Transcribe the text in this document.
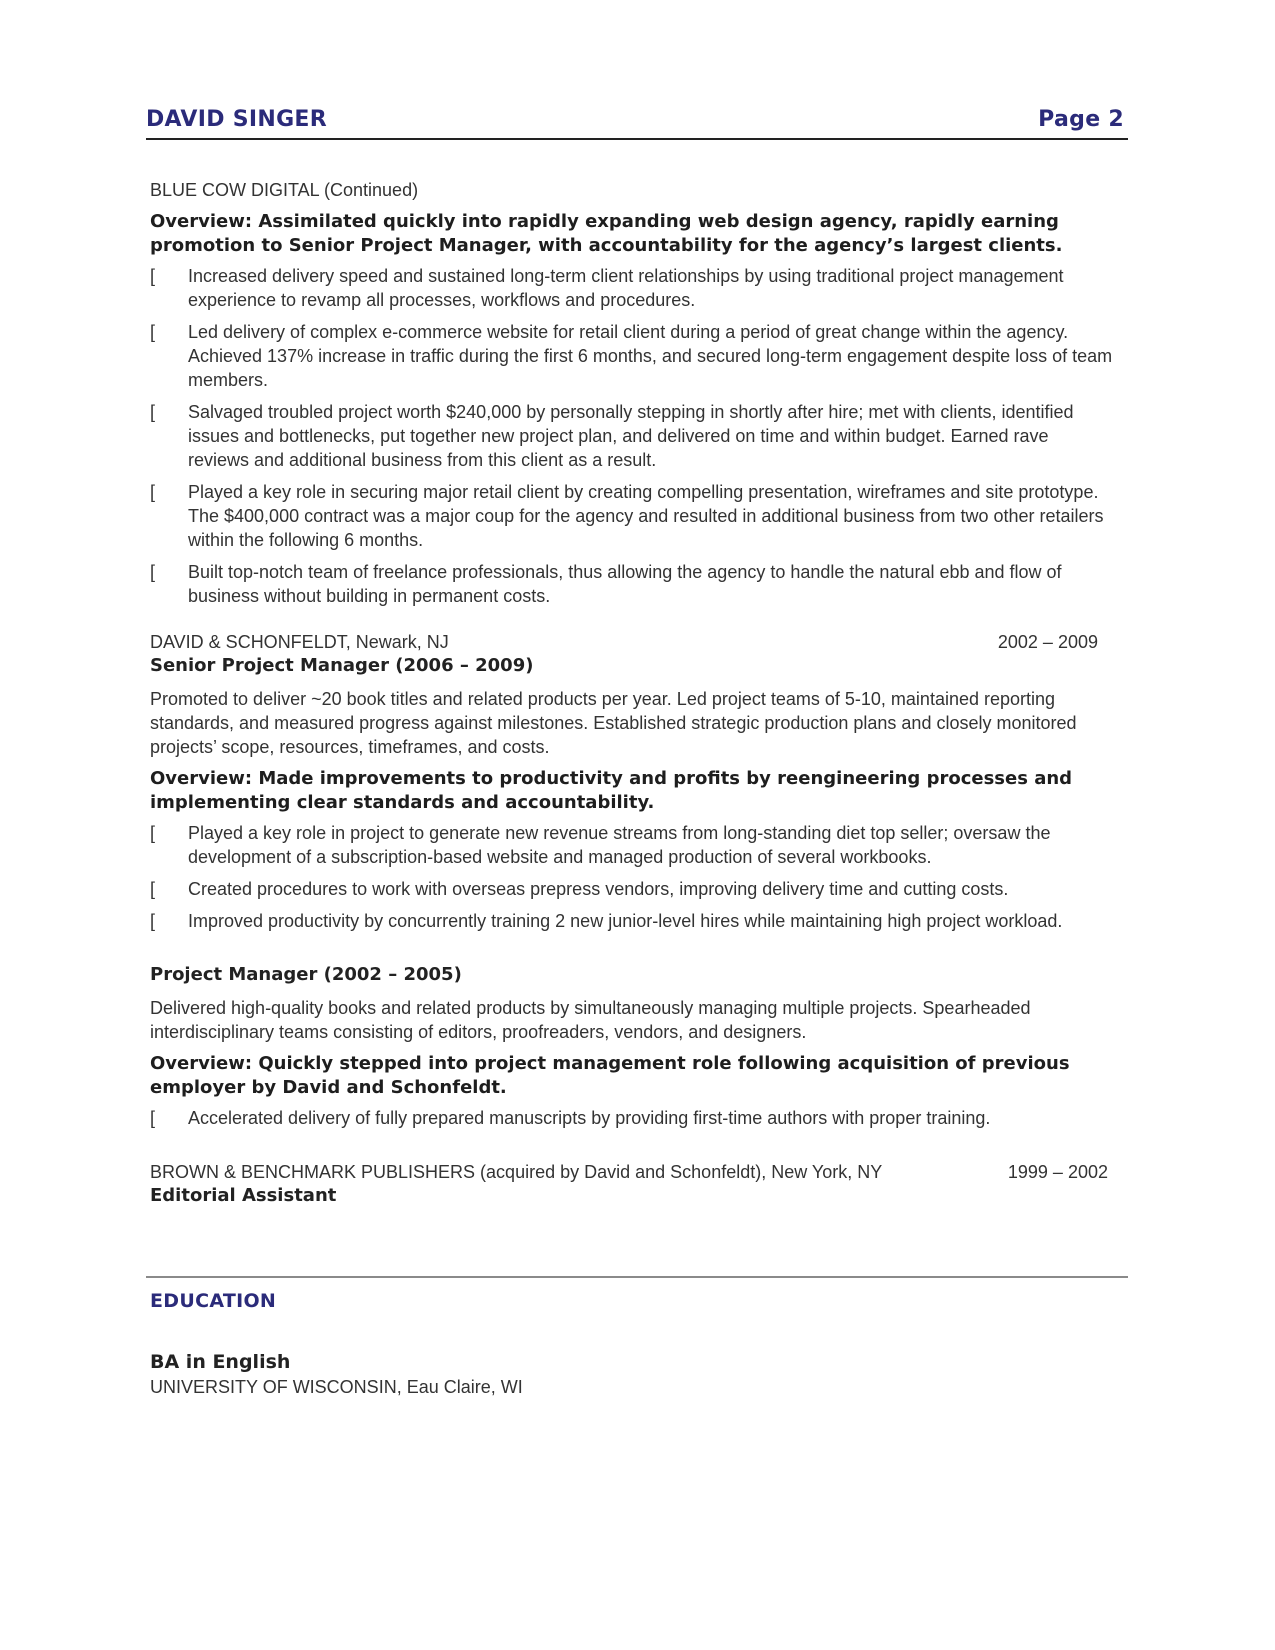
DAVID SINGER	Page 2
BLUE COW DIGITAL (Continued)
Overview: Assimilated quickly into rapidly expanding web design agency, rapidly earning promotion to Senior Project Manager, with accountability for the agency’s largest clients.
[	Increased delivery speed and sustained long-term client relationships by using traditional project management experience to revamp all processes, workflows and procedures.
[	Led delivery of complex e-commerce website for retail client during a period of great change within the agency. Achieved 137% increase in traffic during the first 6 months, and secured long-term engagement despite loss of team members.
[	Salvaged troubled project worth $240,000 by personally stepping in shortly after hire; met with clients, identified issues and bottlenecks, put together new project plan, and delivered on time and within budget. Earned rave reviews and additional business from this client as a result.
[	Played a key role in securing major retail client by creating compelling presentation, wireframes and site prototype. The $400,000 contract was a major coup for the agency and resulted in additional business from two other retailers within the following 6 months.
[	Built top-notch team of freelance professionals, thus allowing the agency to handle the natural ebb and flow of business without building in permanent costs.
DAVID & SCHONFELDT, Newark, NJ	2002 – 2009
Senior Project Manager (2006 – 2009)
Promoted to deliver ~20 book titles and related products per year. Led project teams of 5-10, maintained reporting standards, and measured progress against milestones. Established strategic production plans and closely monitored projects’ scope, resources, timeframes, and costs.
Overview: Made improvements to productivity and profits by reengineering processes and implementing clear standards and accountability.
[	Played a key role in project to generate new revenue streams from long-standing diet top seller; oversaw the development of a subscription-based website and managed production of several workbooks.
[	Created procedures to work with overseas prepress vendors, improving delivery time and cutting costs.
[	Improved productivity by concurrently training 2 new junior-level hires while maintaining high project workload.
Project Manager (2002 – 2005)
Delivered high-quality books and related products by simultaneously managing multiple projects. Spearheaded interdisciplinary teams consisting of editors, proofreaders, vendors, and designers.
Overview: Quickly stepped into project management role following acquisition of previous employer by David and Schonfeldt.
[	Accelerated delivery of fully prepared manuscripts by providing first-time authors with proper training.
BROWN & BENCHMARK PUBLISHERS (acquired by David and Schonfeldt), New York, NY	1999 – 2002
Editorial Assistant
EDUCATION
BA in English
UNIVERSITY OF WISCONSIN, Eau Claire, WI
